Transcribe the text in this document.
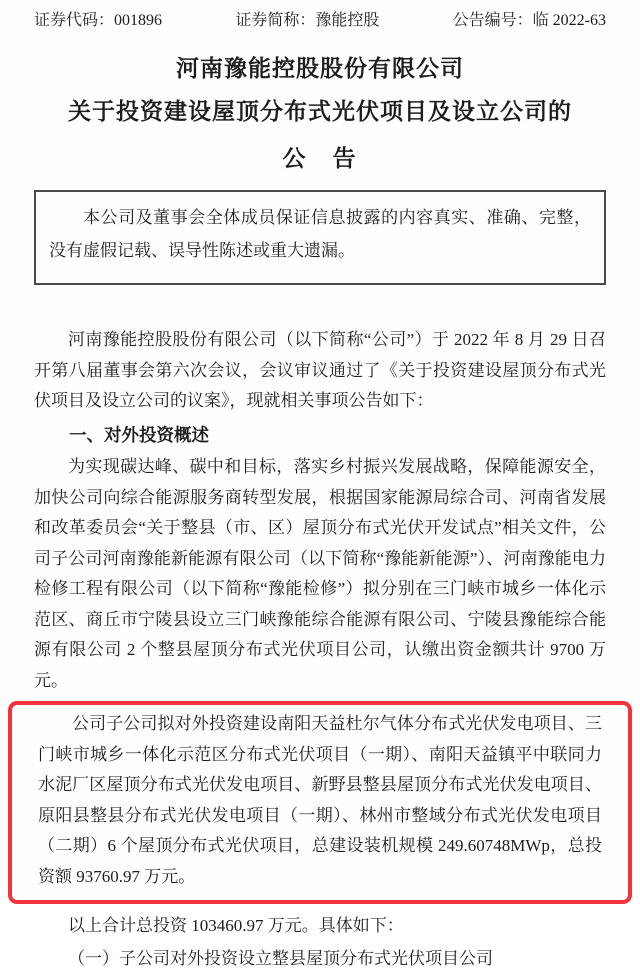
证券代码：001896	证券简称：豫能控股	公告编号：临 2022-63
河南豫能控股股份有限公司
关于投资建设屋顶分布式光伏项目及设立公司的
公　告

本公司及董事会全体成员保证信息披露的内容真实、准确、完整，没有虚假记载、误导性陈述或重大遗漏。

河南豫能控股股份有限公司（以下简称“公司”）于 2022 年 8 月 29 日召开第八届董事会第六次会议，会议审议通过了《关于投资建设屋顶分布式光伏项目及设立公司的议案》，现就相关事项公告如下：

一、对外投资概述

为实现碳达峰、碳中和目标，落实乡村振兴发展战略，保障能源安全，加快公司向综合能源服务商转型发展，根据国家能源局综合司、河南省发展和改革委员会“关于整县（市、区）屋顶分布式光伏开发试点”相关文件，公司子公司河南豫能新能源有限公司（以下简称“豫能新能源”）、河南豫能电力检修工程有限公司（以下简称“豫能检修”）拟分别在三门峡市城乡一体化示范区、商丘市宁陵县设立三门峡豫能综合能源有限公司、宁陵县豫能综合能源有限公司 2 个整县屋顶分布式光伏项目公司，认缴出资金额共计 9700 万元。

公司子公司拟对外投资建设南阳天益杜尔气体分布式光伏发电项目、三门峡市城乡一体化示范区分布式光伏项目（一期）、南阳天益镇平中联同力水泥厂区屋顶分布式光伏发电项目、新野县整县屋顶分布式光伏发电项目、原阳县整县分布式光伏发电项目（一期）、林州市整域分布式光伏发电项目（二期）6 个屋顶分布式光伏项目，总建设装机规模 249.60748MWp，总投资额 93760.97 万元。

以上合计总投资 103460.97 万元。具体如下：

（一）子公司对外投资设立整县屋顶分布式光伏项目公司
